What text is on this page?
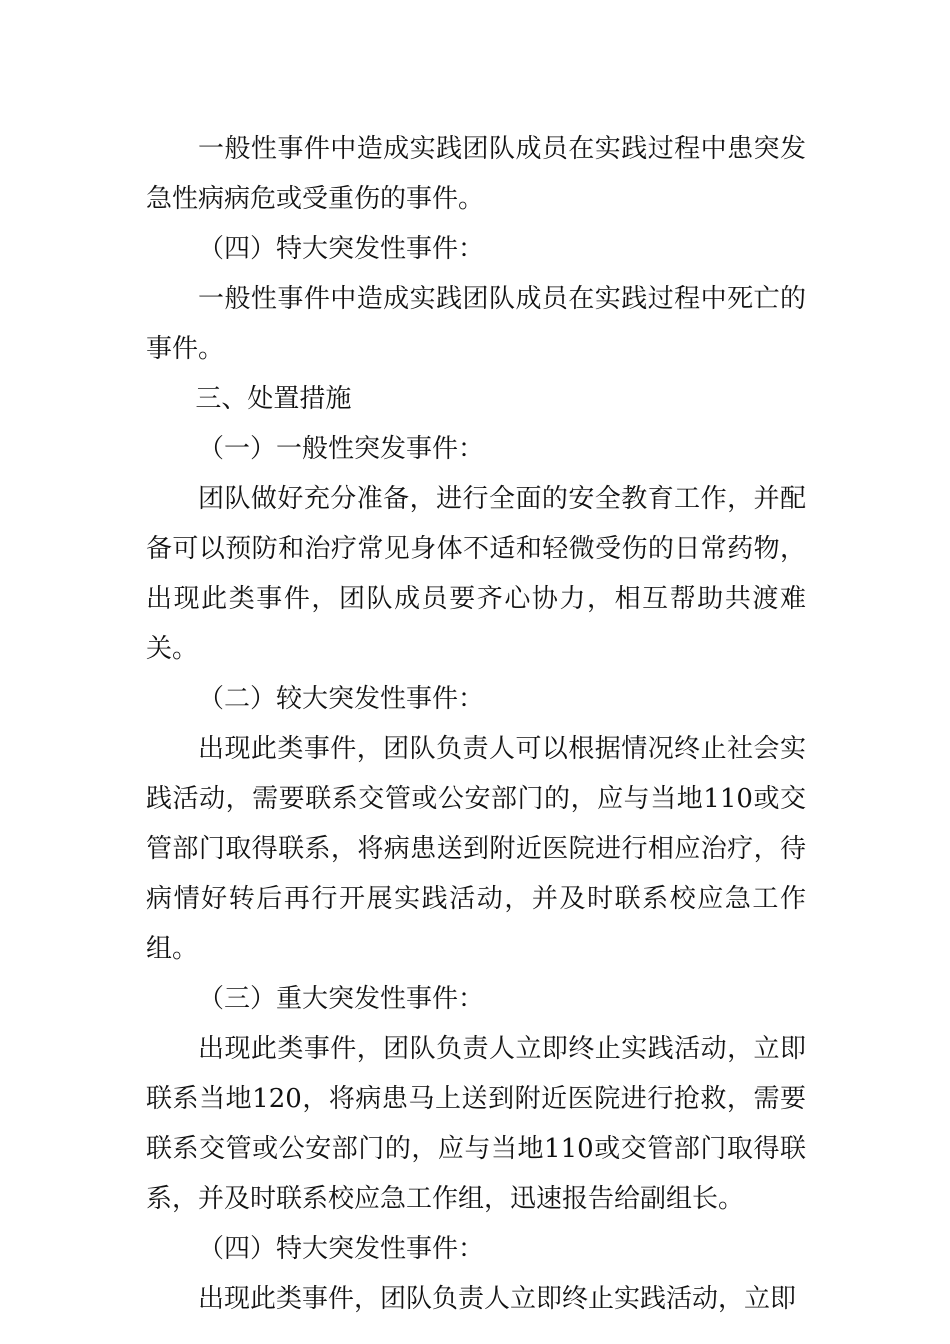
一般性事件中造成实践团队成员在实践过程中患突发急性病病危或受重伤的事件。

（四）特大突发性事件：

一般性事件中造成实践团队成员在实践过程中死亡的事件。

三、处置措施

（一）一般性突发事件：

团队做好充分准备，进行全面的安全教育工作，并配备可以预防和治疗常见身体不适和轻微受伤的日常药物，出现此类事件，团队成员要齐心协力，相互帮助共渡难关。

（二）较大突发性事件：

出现此类事件，团队负责人可以根据情况终止社会实践活动，需要联系交管或公安部门的，应与当地110或交管部门取得联系，将病患送到附近医院进行相应治疗，待病情好转后再行开展实践活动，并及时联系校应急工作组。

（三）重大突发性事件：

出现此类事件，团队负责人立即终止实践活动，立即联系当地120，将病患马上送到附近医院进行抢救，需要联系交管或公安部门的，应与当地110或交管部门取得联系，并及时联系校应急工作组，迅速报告给副组长。

（四）特大突发性事件：

出现此类事件，团队负责人立即终止实践活动，立即
